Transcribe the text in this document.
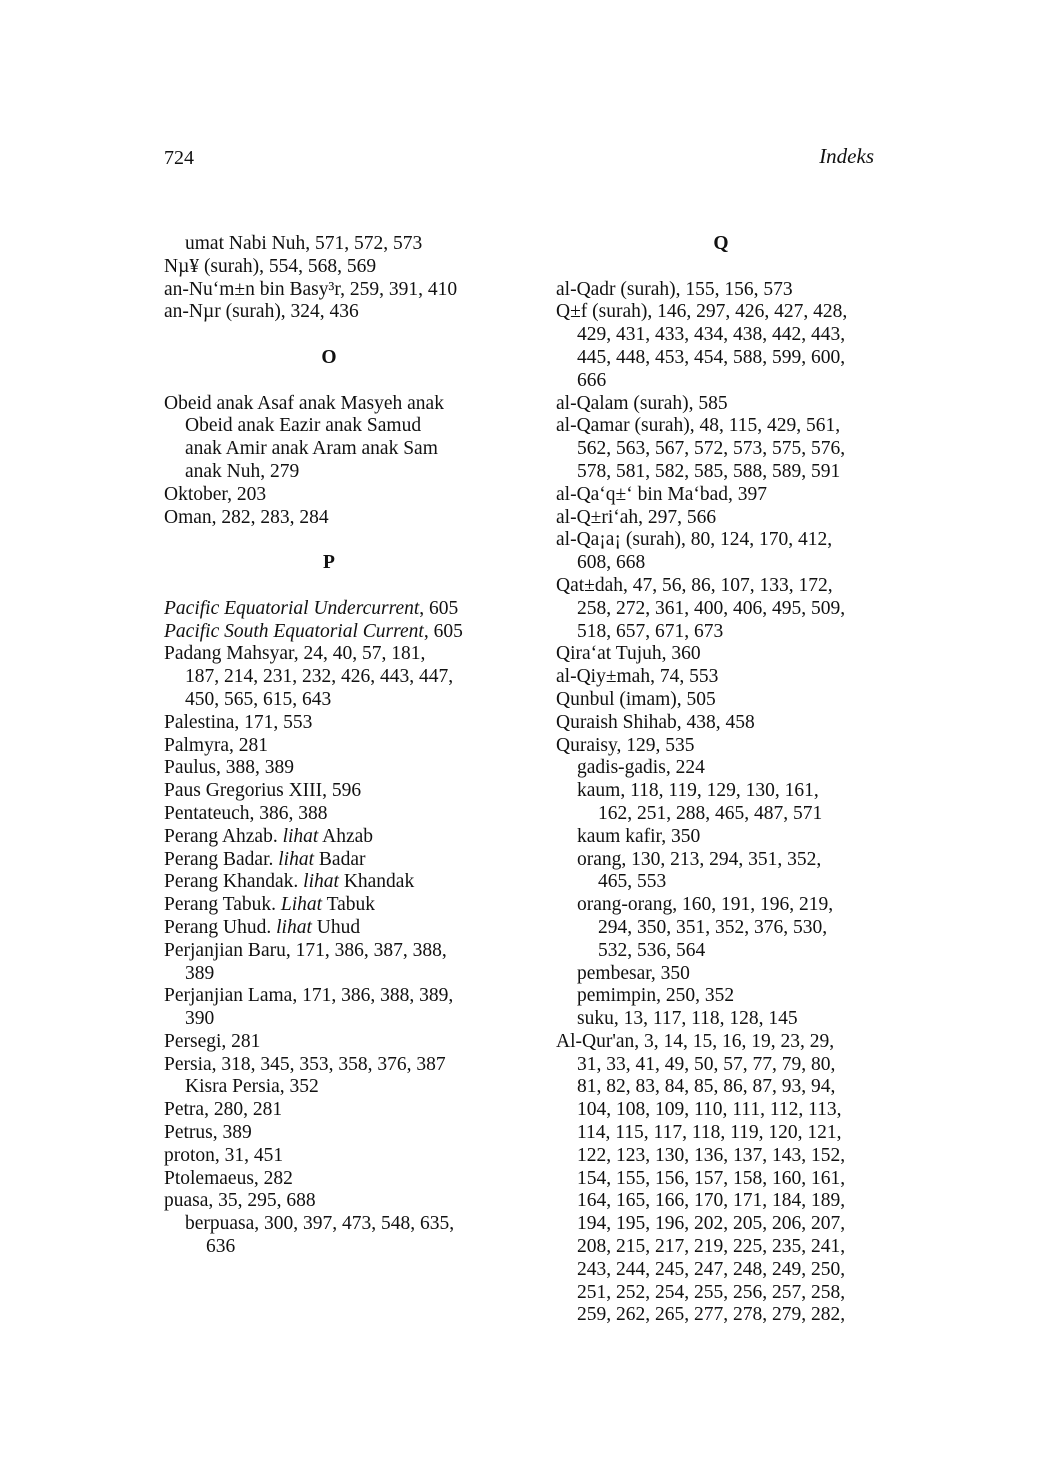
724	Indeks
umat Nabi Nuh, 571, 572, 573
Nµ¥ (surah), 554, 568, 569
an-Nu‘m±n bin Basy³r, 259, 391, 410
an-Nµr (surah), 324, 436
O
Obeid anak Asaf anak Masyeh anak
Obeid anak Eazir anak Samud
anak Amir anak Aram anak Sam
anak Nuh, 279
Oktober, 203
Oman, 282, 283, 284
P
Pacific Equatorial Undercurrent, 605
Pacific South Equatorial Current, 605
Padang Mahsyar, 24, 40, 57, 181,
187, 214, 231, 232, 426, 443, 447,
450, 565, 615, 643
Palestina, 171, 553
Palmyra, 281
Paulus, 388, 389
Paus Gregorius XIII, 596
Pentateuch, 386, 388
Perang Ahzab. lihat Ahzab
Perang Badar. lihat Badar
Perang Khandak. lihat Khandak
Perang Tabuk. Lihat Tabuk
Perang Uhud. lihat Uhud
Perjanjian Baru, 171, 386, 387, 388,
389
Perjanjian Lama, 171, 386, 388, 389,
390
Persegi, 281
Persia, 318, 345, 353, 358, 376, 387
Kisra Persia, 352
Petra, 280, 281
Petrus, 389
proton, 31, 451
Ptolemaeus, 282
puasa, 35, 295, 688
berpuasa, 300, 397, 473, 548, 635,
636
Q
al-Qadr (surah), 155, 156, 573
Q±f (surah), 146, 297, 426, 427, 428,
429, 431, 433, 434, 438, 442, 443,
445, 448, 453, 454, 588, 599, 600,
666
al-Qalam (surah), 585
al-Qamar (surah), 48, 115, 429, 561,
562, 563, 567, 572, 573, 575, 576,
578, 581, 582, 585, 588, 589, 591
al-Qa‘q±‘ bin Ma‘bad, 397
al-Q±ri‘ah, 297, 566
al-Qa¡a¡ (surah), 80, 124, 170, 412,
608, 668
Qat±dah, 47, 56, 86, 107, 133, 172,
258, 272, 361, 400, 406, 495, 509,
518, 657, 671, 673
Qira‘at Tujuh, 360
al-Qiy±mah, 74, 553
Qunbul (imam), 505
Quraish Shihab, 438, 458
Quraisy, 129, 535
gadis-gadis, 224
kaum, 118, 119, 129, 130, 161,
162, 251, 288, 465, 487, 571
kaum kafir, 350
orang, 130, 213, 294, 351, 352,
465, 553
orang-orang, 160, 191, 196, 219,
294, 350, 351, 352, 376, 530,
532, 536, 564
pembesar, 350
pemimpin, 250, 352
suku, 13, 117, 118, 128, 145
Al-Qur'an, 3, 14, 15, 16, 19, 23, 29,
31, 33, 41, 49, 50, 57, 77, 79, 80,
81, 82, 83, 84, 85, 86, 87, 93, 94,
104, 108, 109, 110, 111, 112, 113,
114, 115, 117, 118, 119, 120, 121,
122, 123, 130, 136, 137, 143, 152,
154, 155, 156, 157, 158, 160, 161,
164, 165, 166, 170, 171, 184, 189,
194, 195, 196, 202, 205, 206, 207,
208, 215, 217, 219, 225, 235, 241,
243, 244, 245, 247, 248, 249, 250,
251, 252, 254, 255, 256, 257, 258,
259, 262, 265, 277, 278, 279, 282,
